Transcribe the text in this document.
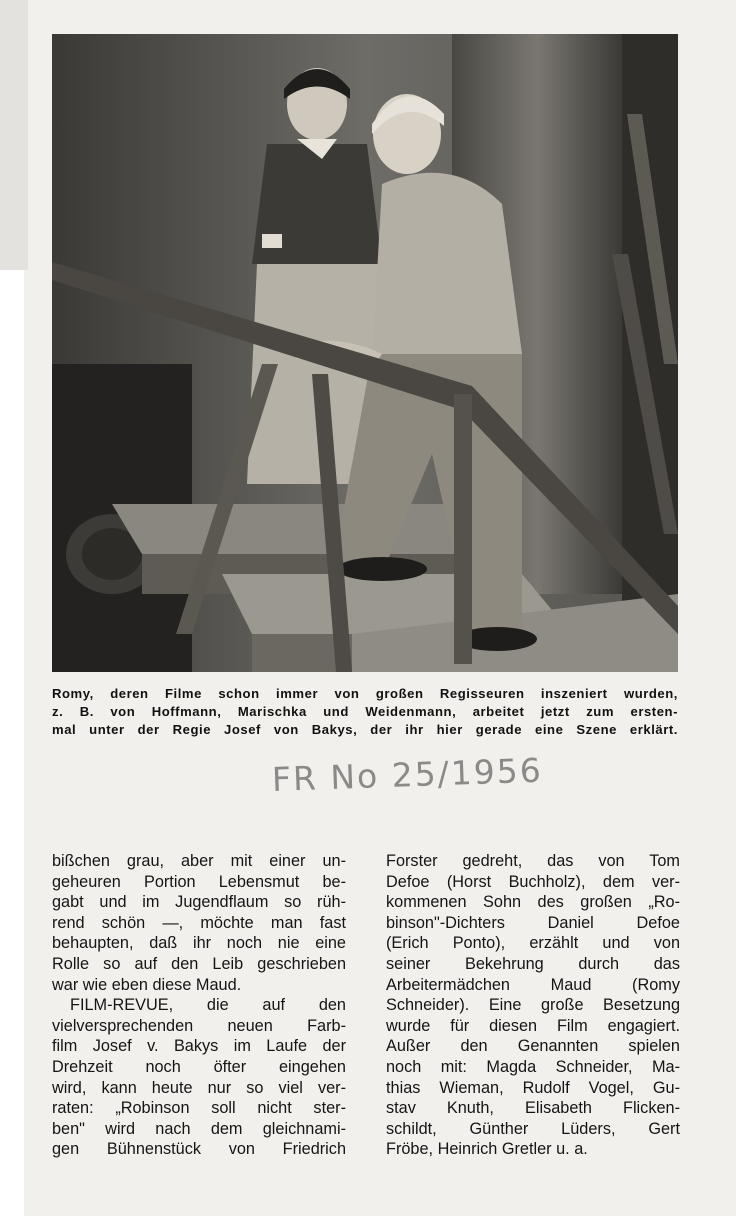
Romy, deren Filme schon immer von großen Regisseuren inszeniert wurden,
z. B. von Hoffmann, Marischka und Weidenmann, arbeitet jetzt zum ersten-
mal unter der Regie Josef von Bakys, der ihr hier gerade eine Szene erklärt.
FR No 25/1956
bißchen grau, aber mit einer un-
geheuren Portion Lebensmut be-
gabt und im Jugendflaum so rüh-
rend schön —, möchte man fast
behaupten, daß ihr noch nie eine
Rolle so auf den Leib geschrieben
war wie eben diese Maud.
FILM-REVUE, die auf den
vielversprechenden neuen Farb-
film Josef v. Bakys im Laufe der
Drehzeit noch öfter eingehen
wird, kann heute nur so viel ver-
raten: „Robinson soll nicht ster-
ben" wird nach dem gleichnami-
gen Bühnenstück von Friedrich
Forster gedreht, das von Tom
Defoe (Horst Buchholz), dem ver-
kommenen Sohn des großen „Ro-
binson"-Dichters Daniel Defoe
(Erich Ponto), erzählt und von
seiner Bekehrung durch das
Arbeitermädchen Maud (Romy
Schneider). Eine große Besetzung
wurde für diesen Film engagiert.
Außer den Genannten spielen
noch mit: Magda Schneider, Ma-
thias Wieman, Rudolf Vogel, Gu-
stav Knuth, Elisabeth Flicken-
schildt, Günther Lüders, Gert
Fröbe, Heinrich Gretler u. a.
